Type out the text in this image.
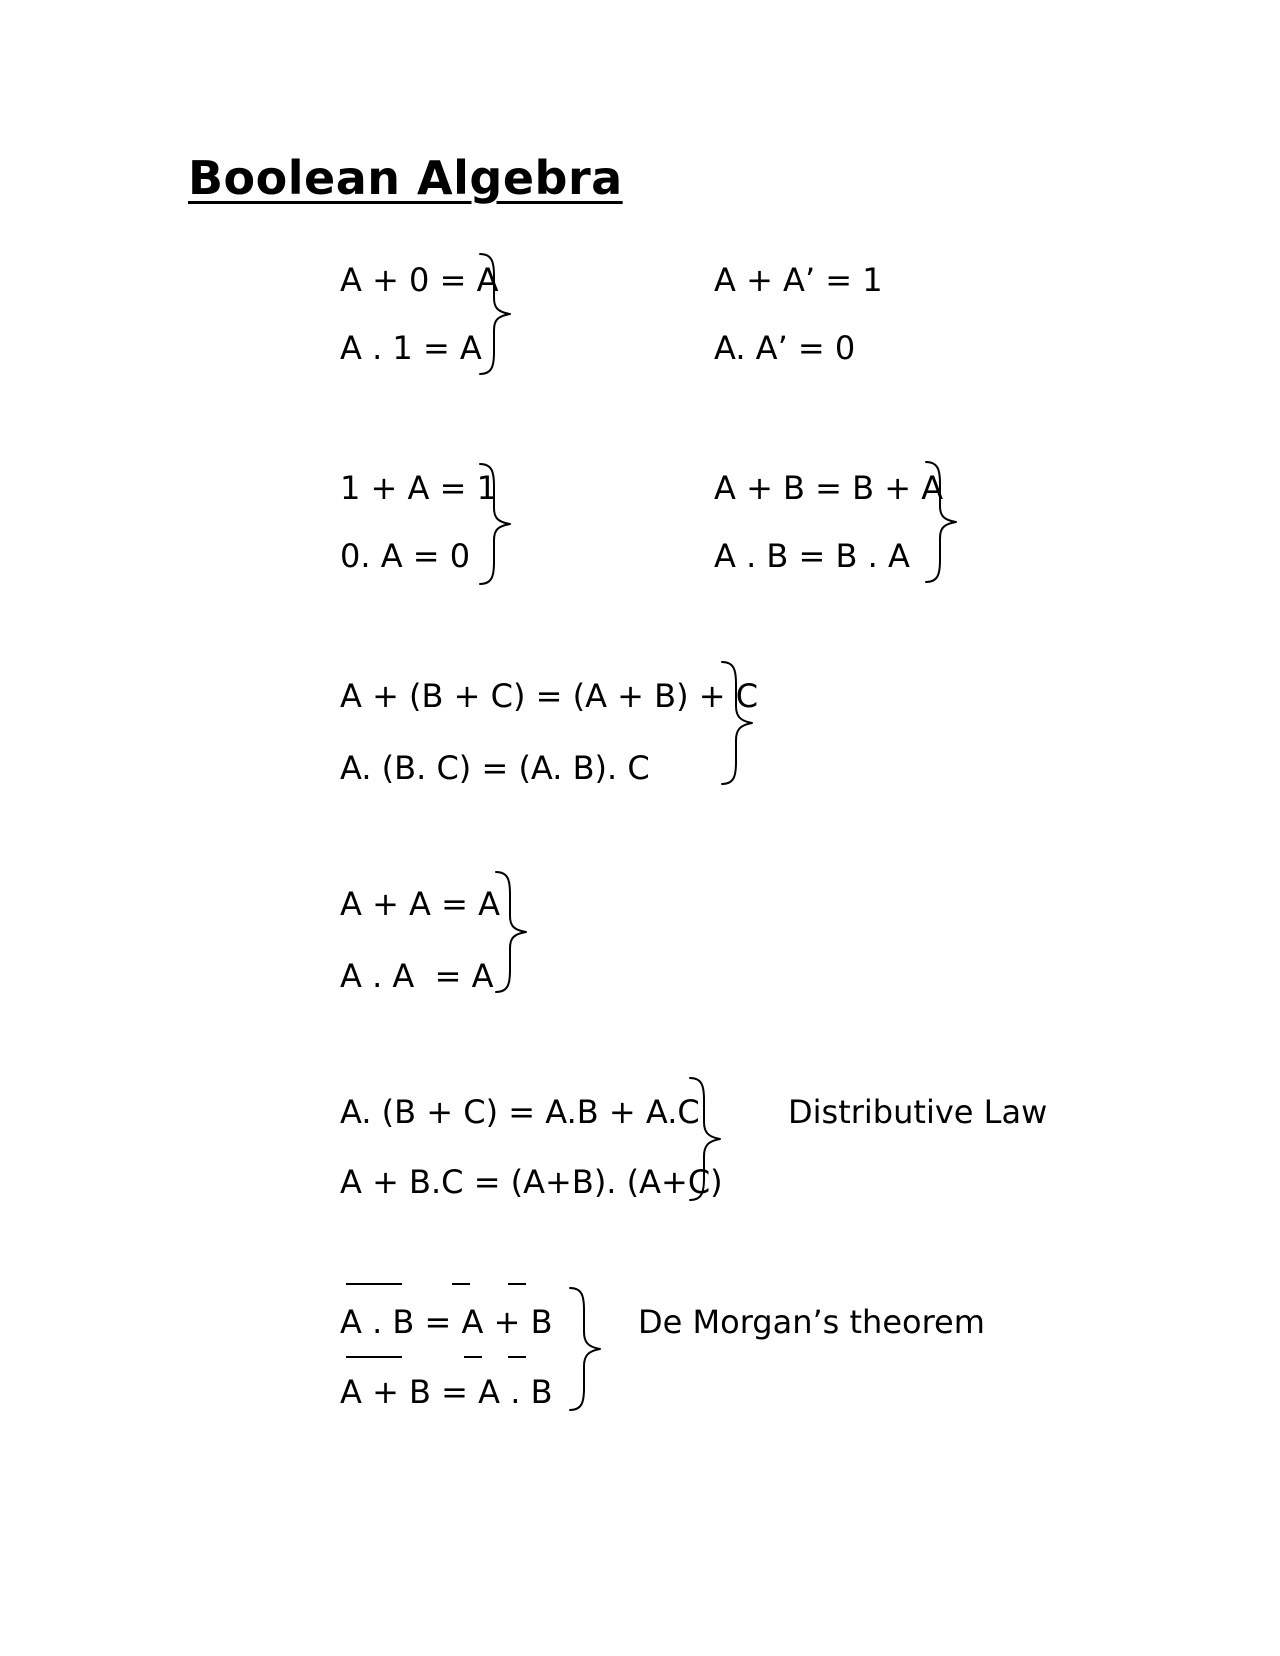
Boolean Algebra
A + 0 = A
A . 1 = A
A + A’ = 1
A. A’ = 0
1 + A = 1
0. A = 0
A + B = B + A
A . B = B . A
A + (B + C) = (A + B) + C
A. (B. C) = (A. B). C
A + A = A
A . A  = A
A. (B + C) = A.B + A.C
A + B.C = (A+B). (A+C)
Distributive Law
A . B = A + B
A + B = A . B
De Morgan’s theorem
